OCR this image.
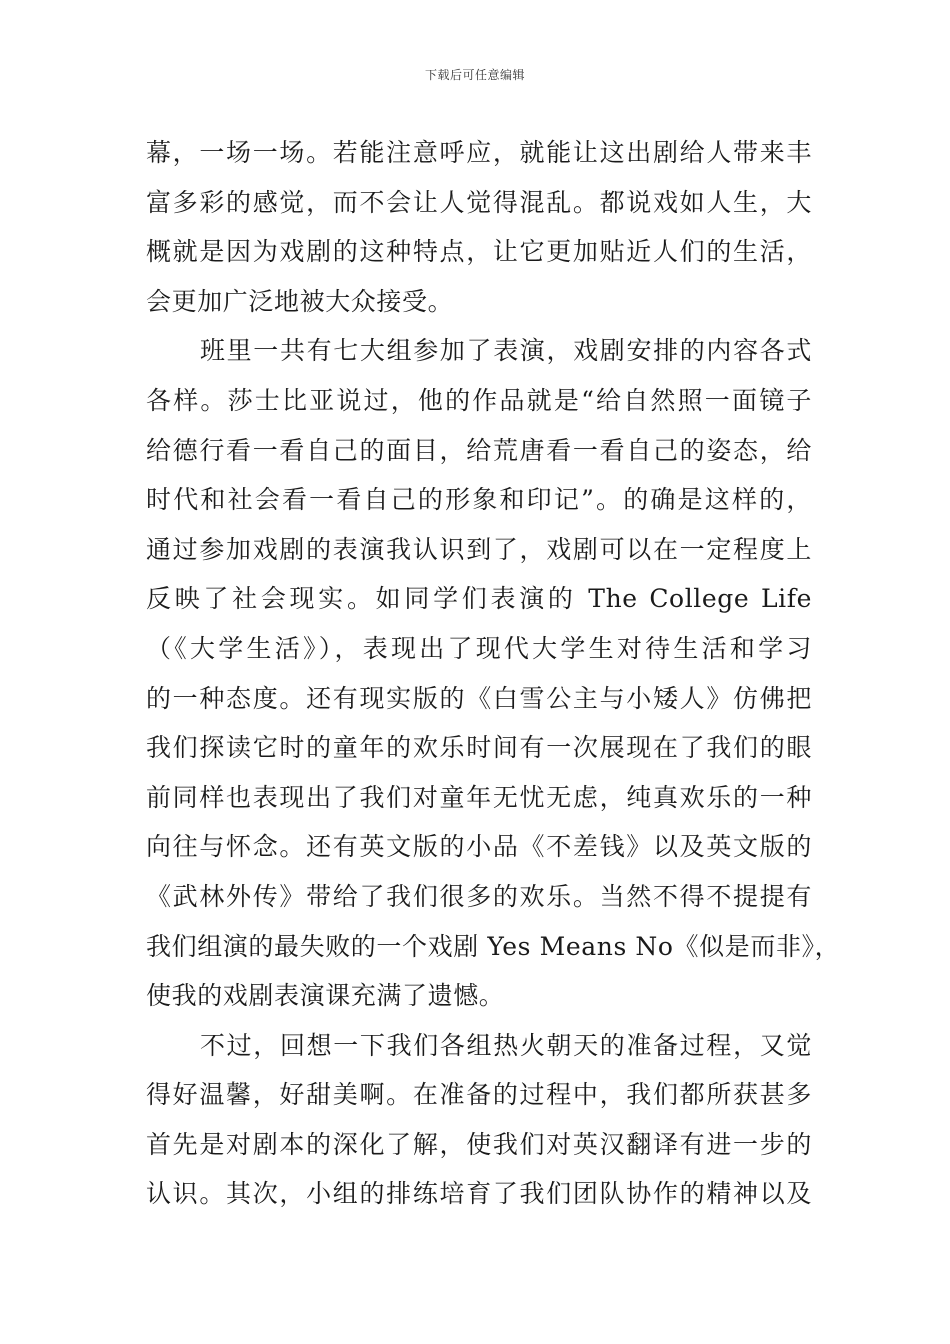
下载后可任意编辑
幕，一场一场。若能注意呼应，就能让这出剧给人带来丰
富多彩的感觉，而不会让人觉得混乱。都说戏如人生，大
概就是因为戏剧的这种特点，让它更加贴近人们的生活，
会更加广泛地被大众接受。
班里一共有七大组参加了表演，戏剧安排的内容各式
各样。莎士比亚说过，他的作品就是“给自然照一面镜子
给德行看一看自己的面目，给荒唐看一看自己的姿态，给
时代和社会看一看自己的形象和印记”。的确是这样的，
通过参加戏剧的表演我认识到了，戏剧可以在一定程度上
反映了社会现实。如同学们表演的 The College Life
（《大学生活》），表现出了现代大学生对待生活和学习
的一种态度。还有现实版的《白雪公主与小矮人》仿佛把
我们探读它时的童年的欢乐时间有一次展现在了我们的眼
前同样也表现出了我们对童年无忧无虑，纯真欢乐的一种
向往与怀念。还有英文版的小品《不差钱》以及英文版的
《武林外传》带给了我们很多的欢乐。当然不得不提提有
我们组演的最失败的一个戏剧 Yes Means No《似是而非》，
使我的戏剧表演课充满了遗憾。
不过，回想一下我们各组热火朝天的准备过程，又觉
得好温馨，好甜美啊。在准备的过程中，我们都所获甚多
首先是对剧本的深化了解，使我们对英汉翻译有进一步的
认识。其次，小组的排练培育了我们团队协作的精神以及
